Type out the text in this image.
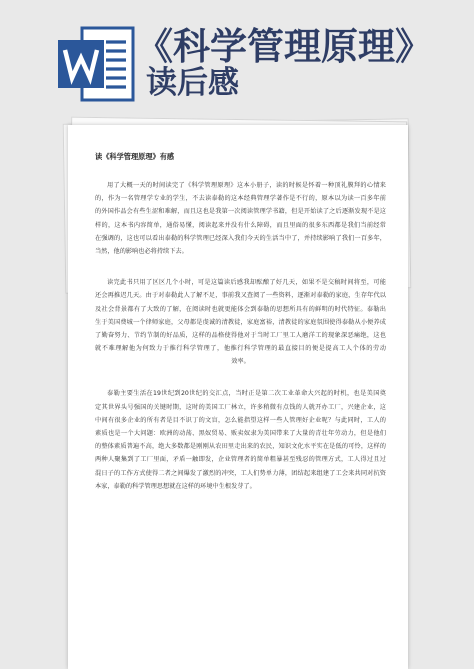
《科学管理原理》
读后感
读《科学管理原理》有感
用了大概一天的时间读完了《科学管理原理》这本小册子，读的时候是怀着一种顶礼膜拜的心情来
的，作为一名管理学专业的学生，不去读泰勒的这本经典管理学著作是不行的，原本以为读一百多年前
的外国作品会有些生涩和难解，而且这也是我第一次阅读管理学书籍，但是开始读了之后逐渐发现不是这
样的，这本书内容简单，通俗易懂，阅读起来并没有什么障碍，而且里面的很多东西都是我们当前经常
在强调的，这也可以看出泰勒的科学管理已经深入我们今天的生活当中了，并持续影响了我们一百多年，
当然，他的影响也必将持续下去。
读完此书只用了区区几个小时，可是这篇读后感我却酝酿了好几天，如果不是交稿时间将至，可能
还会再推迟几天。由于对泰勒此人了解不足，事前我又查阅了一些资料，逐渐对泰勒的家庭，生存年代以
及社会背景都有了大致的了解，在阅读时也就更能体会到泰勒的思想所具有的鲜明的时代特征。泰勒出
生于美国费城一个律师家庭，父母都是虔诚的清教徒，家庭富裕，清教徒的家庭氛围使得泰勒从小便养成
了勤奋努力、节约节制的好品质，这样的品格使得他对于当时工厂里工人磨洋工的现象深恶痛绝，这也
就不难理解他为何致力于推行科学管理了，他推行科学管理的最直接目的便是提高工人个体的劳动
效率。
泰勒主要生活在19世纪到20世纪的交汇点，当时正是第二次工业革命大兴起的时机，也是美国奠
定其世界头号强国的关键时期，这时的美国工厂林立，许多稍微有点钱的人就开办工厂，兴建企业，这
中间有很多企业的所有者是目不识丁的文盲，怎么能指望这样一些人管理好企业呢？与此同时，工人的
素质也是一个大问题：欧洲的动荡、黑奴贸易、贩卖奴隶为美国带来了大量的青壮年劳动力，但是他们
的整体素质普遍不高，绝大多数都是刚刚从农田里走出来的农民，知识文化水平实在是低的可怜，这样的
两种人聚集到了工厂里面，矛盾一触即发，企业管理者的简单粗暴甚至残忍的管理方式，工人得过且过
混日子的工作方式使得二者之间爆发了激烈的冲突，工人们势单力薄，团结起来组建了工会来共同对抗资
本家，泰勒的科学管理思想就在这样的环境中生根发芽了。
